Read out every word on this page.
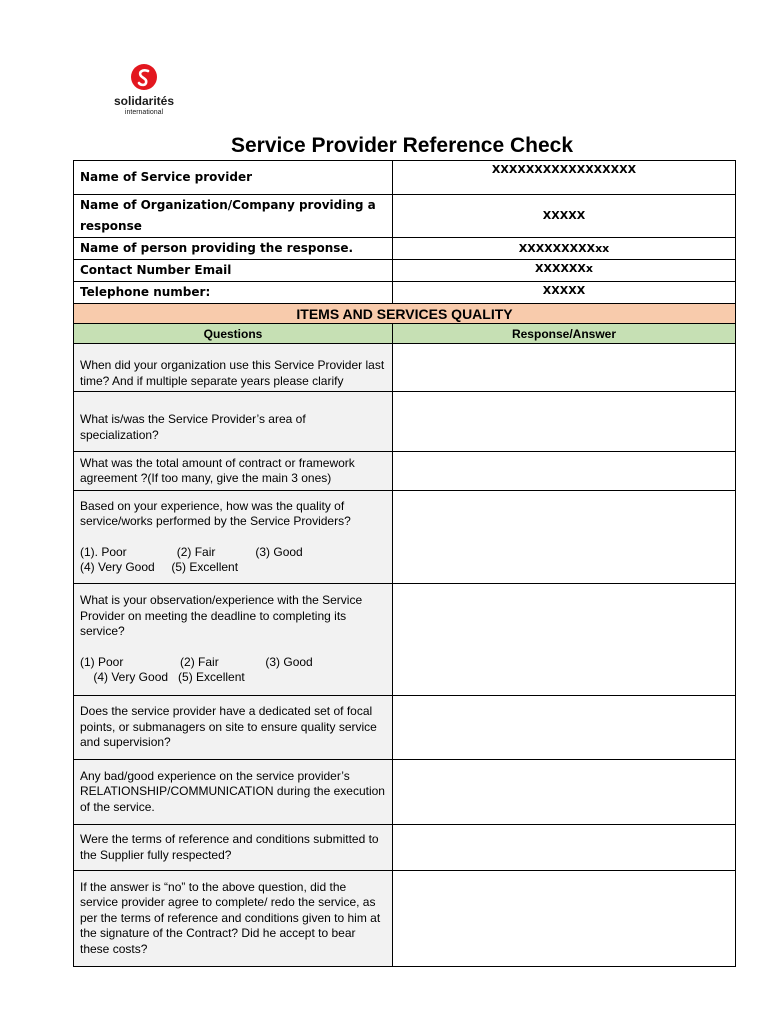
solidarités
international
Service Provider Reference Check
Name of Service provider	XXXXXXXXXXXXXXXXX
Name of Organization/Company providing a response	XXXXX
Name of person providing the response.	XXXXXXXXXxx
Contact Number Email	XXXXXXx
Telephone number:	XXXXX
ITEMS AND SERVICES QUALITY	
Questions	Response/Answer
When did your organization use this Service Provider last time? And if multiple separate years please clarify	
What is/was the Service Provider’s area of specialization?	
What was the total amount of contract or framework agreement ?(If too many, give the main 3 ones)	
Based on your experience, how was the quality of service/works performed by the Service Providers?
(1). Poor               (2) Fair            (3) Good
(4) Very Good     (5) Excellent	

What is your observation/experience with the Service Provider on meeting the deadline to completing its service?
(1) Poor                 (2) Fair              (3) Good
(4) Very Good   (5) Excellent	

Does the service provider have a dedicated set of focal points, or submanagers on site to ensure quality service and supervision?	
Any bad/good experience on the service provider’s RELATIONSHIP/COMMUNICATION during the execution of the service.	
Were the terms of reference and conditions submitted to the Supplier fully respected?	
If the answer is “no” to the above question, did the service provider agree to complete/ redo the service, as per the terms of reference and conditions given to him at the signature of the Contract? Did he accept to bear these costs?	
